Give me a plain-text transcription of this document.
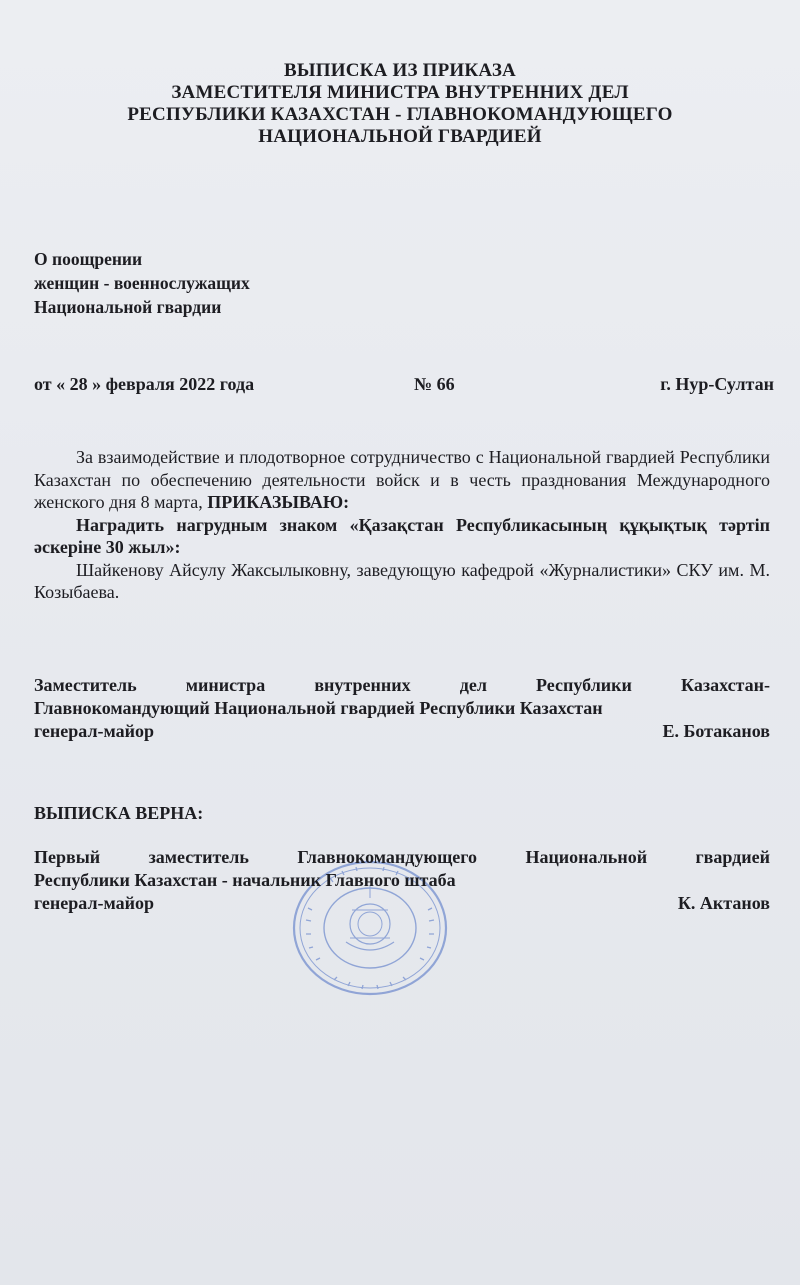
ВЫПИСКА ИЗ ПРИКАЗА
ЗАМЕСТИТЕЛЯ МИНИСТРА ВНУТРЕННИХ ДЕЛ
РЕСПУБЛИКИ КАЗАХСТАН - ГЛАВНОКОМАНДУЮЩЕГО
НАЦИОНАЛЬНОЙ ГВАРДИЕЙ
О поощрении
женщин - военнослужащих
Национальной гвардии
от « 28 » февраля 2022 года	№ 66	г. Нур-Султан

За взаимодействие и плодотворное сотрудничество с Национальной гвардией Республики Казахстан по обеспечению деятельности войск и в честь празднования Международного женского дня 8 марта, ПРИКАЗЫВАЮ:

Наградить нагрудным знаком «Қазақстан Республикасының құқықтық тәртіп әскеріне 30 жыл»:

Шайкенову Айсулу Жаксылыковну, заведующую кафедрой «Журналистики» СКУ им. М. Козыбаева.

Заместитель министра внутренних дел Республики Казахстан-
Главнокомандующий Национальной гвардией Республики Казахстан
генерал-майор	Е. Ботаканов
ВЫПИСКА ВЕРНА:
Первый заместитель Главнокомандующего Национальной гвардией
Республики Казахстан - начальник Главного штаба
генерал-майор	К. Актанов
